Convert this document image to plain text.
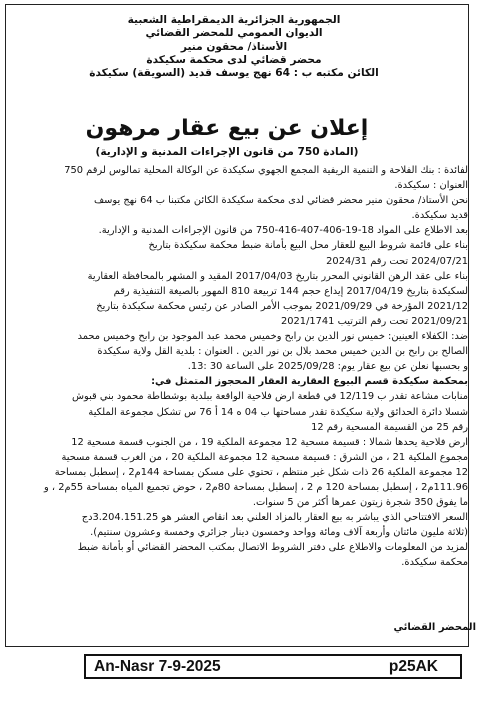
الجمهورية الجزائرية الديمقراطية الشعبية
الديوان العمومي للمحضر القضائي
الأستاذ/ محقون منير
محضر قضائي لدى محكمة سكيكدة
الكائن مكتبه ب : 64 نهج يوسف قديد (السويقة) سكيكدة
إعلان عن بيع عقار مرهون
(المادة 750 من قانون الإجراءات المدنية و الإدارية)
لفائدة : بنك الفلاحة و التنمية الريفية المجمع الجهوي سكيكدة عن الوكالة المحلية تمالوس لرقم 750
العنوان : سكيكدة.
نحن الأستاذ/ محقون منير محضر قضائي لدى محكمة سكيكدة الكائن مكتبنا ب 64 نهج يوسف
قديد سكيكدة.
بعد الاطلاع على المواد 18-19-406-407-416-750 من قانون الإجراءات المدنية و الإدارية.
بناء على قائمة شروط البيع للعقار محل البيع بأمانة ضبط محكمة سكيكدة بتاريخ
2024/07/21 تحت رقم 2024/31
بناء على عقد الرهن القانوني المحرر بتاريخ 2017/04/03 المقيد و المشهر بالمحافظة العقارية
لسكيكدة بتاريخ 2017/04/19 إيداع حجم 144 تربيعة 810 المهور بالصيغة التنفيذية رقم
2021/12 المؤرخة في 2021/09/29 بموجب الأمر الصادر عن رئيس محكمة سكيكدة بتاريخ
2021/09/21 تحت رقم الترتيب 2021/1741
ضد: الكفلاء العينين: خميس نور الدين بن رابح وخميس محمد عبد الموجود بن رابح وخميس محمد
الصالح بن رابح بن الدين خميس محمد بلال بن نور الدين . العنوان : بلدية القل ولاية سكيكدة
و بحسبها نعلن عن بيع عقار يوم: 2025/09/28 على الساعة 30 :13.
بمحكمة سكيكدة قسم البيوع العقارية العقار المحجوز المتمثل في:
منابات مشاعة تقدر ب 12/119 في قطعة ارض فلاحية الواقعة ببلدية بوشطاطة محمود بني قبوش
شسلا دائرة الحدائق ولاية سكيكدة تقدر مساحتها ب 04 ه 14 أ 76 س تشكل مجموعة الملكية
رقم 25 من القسيمة المسحية رقم 12
ارض فلاحية يحدها شمالا : قسيمة مسحية 12 مجموعة الملكية 19 ، من الجنوب قسمة مسحية 12
مجموع الملكية 21 ، من الشرق : قسيمة مسحية 12 مجموعة الملكية 20 ، من الغرب قسمة مسحية
12 مجموعة الملكية 26 ذات شكل غير منتظم ، تحتوي على مسكن بمساحة 144م2 ، إسطبل بمساحة
111.96م2 ، إسطبل بمساحة 120 م 2 ، إسطبل بمساحة 80م2 ، حوض تجميع المياه بمساحة 55م2 ، و
ما يفوق 350 شجرة زيتون عمرها أكثر من 5 سنوات.
السعر الافتتاحي الذي يباشر به بيع العقار بالمزاد العلني بعد انقاص العشر هو 3.204.151.25دج
(ثلاثة مليون مائتان وأربعة آلاف ومائة وواحد وخمسون دينار جزائري وخمسة وعشرون سنتيم).
لمزيد من المعلومات والاطلاع على دفتر الشروط الاتصال بمكتب المحضر القضائي أو بأمانة ضبط
محكمة سكيكدة.
المحضر القضائي
An-Nasr 7-9-2025	p25AK
